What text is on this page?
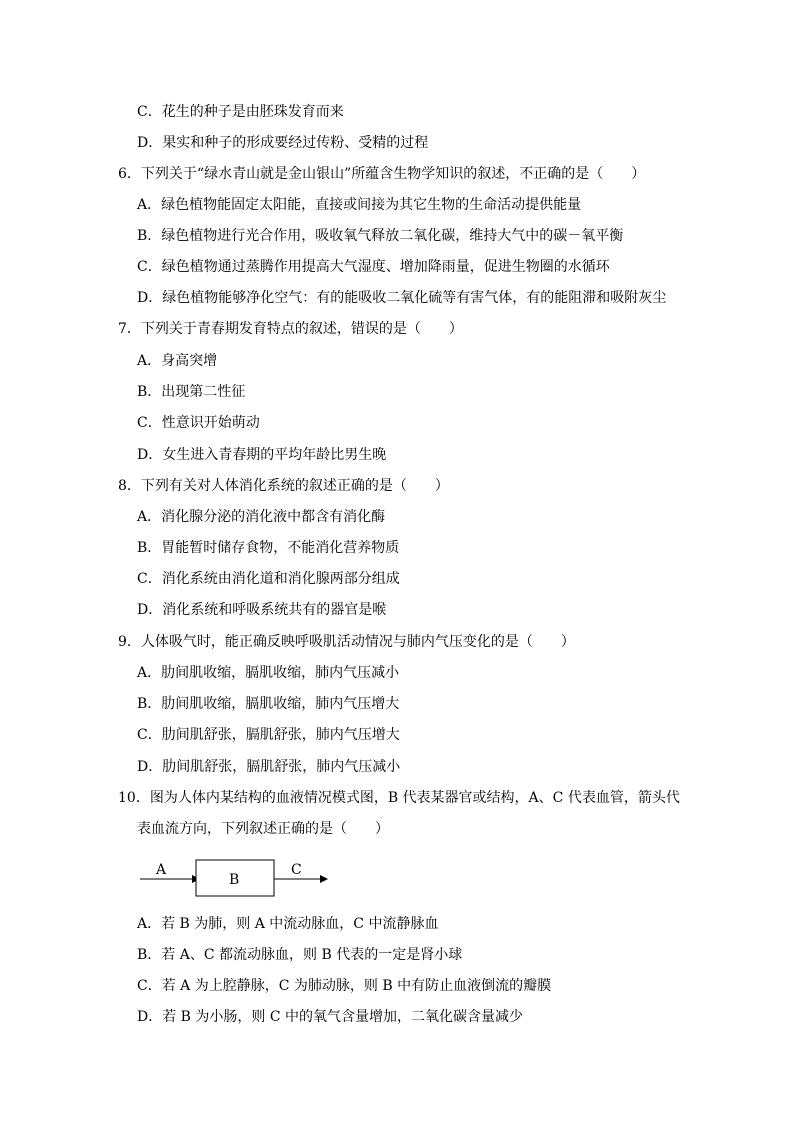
C．花生的种子是由胚珠发育而来
D．果实和种子的形成要经过传粉、受精的过程
6．下列关于“绿水青山就是金山银山”所蕴含生物学知识的叙述，不正确的是（　　）
A．绿色植物能固定太阳能，直接或间接为其它生物的生命活动提供能量
B．绿色植物进行光合作用，吸收氧气释放二氧化碳，维持大气中的碳－氧平衡
C．绿色植物通过蒸腾作用提高大气湿度、增加降雨量，促进生物圈的水循环
D．绿色植物能够净化空气：有的能吸收二氧化硫等有害气体，有的能阻滞和吸附灰尘
7．下列关于青春期发育特点的叙述，错误的是（　　）
A．身高突增
B．出现第二性征
C．性意识开始萌动
D．女生进入青春期的平均年龄比男生晚
8．下列有关对人体消化系统的叙述正确的是（　　）
A．消化腺分泌的消化液中都含有消化酶
B．胃能暂时储存食物，不能消化营养物质
C．消化系统由消化道和消化腺两部分组成
D．消化系统和呼吸系统共有的器官是喉
9．人体吸气时，能正确反映呼吸肌活动情况与肺内气压变化的是（　　）
A．肋间肌收缩，膈肌收缩，肺内气压减小
B．肋间肌收缩，膈肌收缩，肺内气压增大
C．肋间肌舒张，膈肌舒张，肺内气压增大
D．肋间肌舒张，膈肌舒张，肺内气压减小
10．图为人体内某结构的血液情况模式图，B 代表某器官或结构，A、C 代表血管，箭头代
表血流方向，下列叙述正确的是（　　）
A
B
C
A．若 B 为肺，则 A 中流动脉血，C 中流静脉血
B．若 A、C 都流动脉血，则 B 代表的一定是肾小球
C．若 A 为上腔静脉，C 为肺动脉，则 B 中有防止血液倒流的瓣膜
D．若 B 为小肠，则 C 中的氧气含量增加，二氧化碳含量减少
